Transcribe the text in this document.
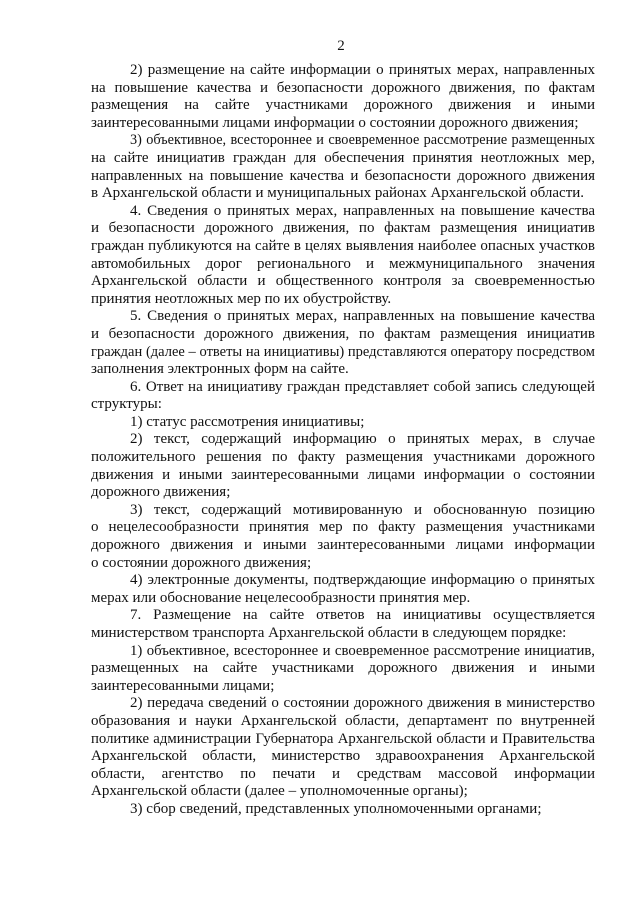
2
2) размещение на сайте информации о принятых мерах, направленных
на повышение качества и безопасности дорожного движения, по фактам
размещения на сайте участниками дорожного движения и иными
заинтересованными лицами информации о состоянии дорожного движения;
3) объективное, всестороннее и своевременное рассмотрение размещенных
на сайте инициатив граждан для обеспечения принятия неотложных мер,
направленных на повышение качества и безопасности дорожного движения
в Архангельской области и муниципальных районах Архангельской области.
4. Сведения о принятых мерах, направленных на повышение качества
и безопасности дорожного движения, по фактам размещения инициатив
граждан публикуются на сайте в целях выявления наиболее опасных участков
автомобильных дорог регионального и межмуниципального значения
Архангельской области и общественного контроля за своевременностью
принятия неотложных мер по их обустройству.
5. Сведения о принятых мерах, направленных на повышение качества
и безопасности дорожного движения, по фактам размещения инициатив
граждан (далее – ответы на инициативы) представляются оператору посредством
заполнения электронных форм на сайте.
6. Ответ на инициативу граждан представляет собой запись следующей
структуры:
1) статус рассмотрения инициативы;
2) текст, содержащий информацию о принятых мерах, в случае
положительного решения по факту размещения участниками дорожного
движения и иными заинтересованными лицами информации о состоянии
дорожного движения;
3) текст, содержащий мотивированную и обоснованную позицию
о нецелесообразности принятия мер по факту размещения участниками
дорожного движения и иными заинтересованными лицами информации
о состоянии дорожного движения;
4) электронные документы, подтверждающие информацию о принятых
мерах или обоснование нецелесообразности принятия мер.
7. Размещение на сайте ответов на инициативы осуществляется
министерством транспорта Архангельской области в следующем порядке:
1) объективное, всестороннее и своевременное рассмотрение инициатив,
размещенных на сайте участниками дорожного движения и иными
заинтересованными лицами;
2) передача сведений о состоянии дорожного движения в министерство
образования и науки Архангельской области, департамент по внутренней
политике администрации Губернатора Архангельской области и Правительства
Архангельской области, министерство здравоохранения Архангельской
области, агентство по печати и средствам массовой информации
Архангельской области (далее – уполномоченные органы);
3) сбор сведений, представленных уполномоченными органами;
